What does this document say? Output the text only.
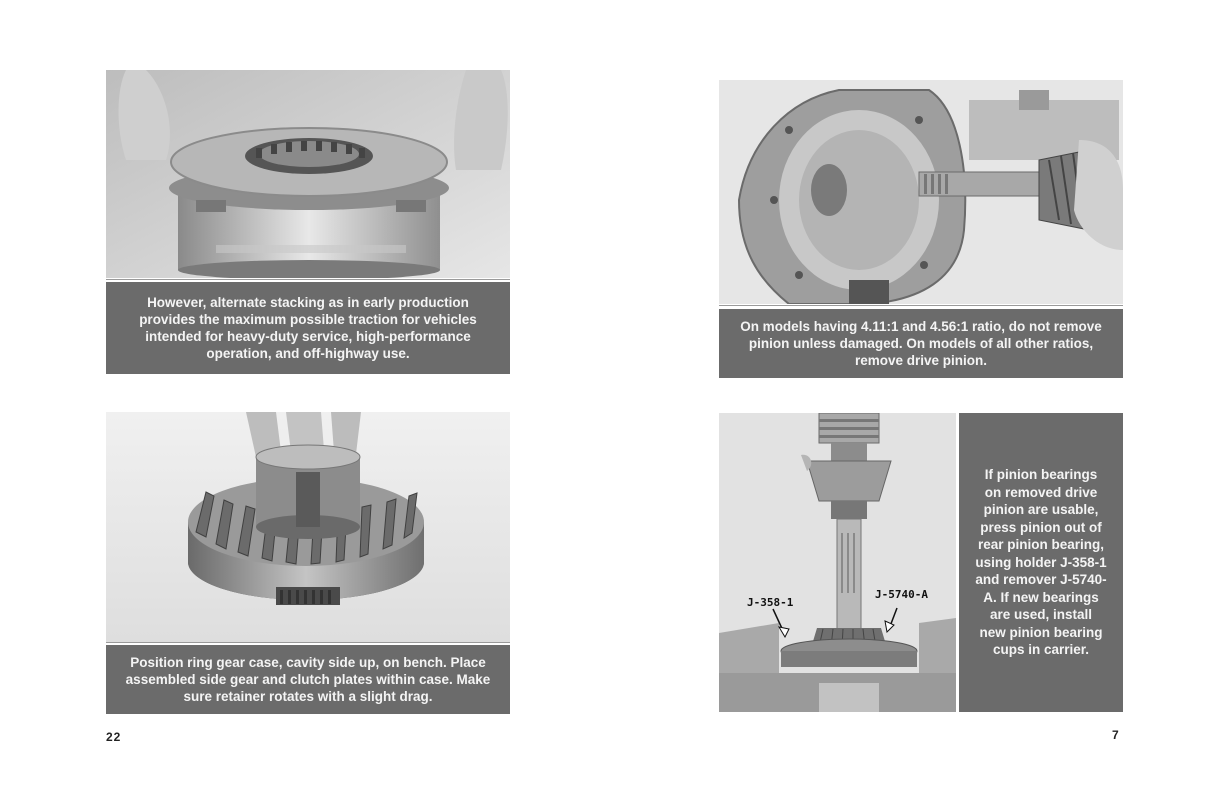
However, alternate stacking as in early production provides the maximum possible traction for vehicles intended for heavy-duty service, high-performance operation, and off-highway use.
Position ring gear case, cavity side up, on bench. Place assembled side gear and clutch plates within case. Make sure retainer rotates with a slight drag.
22
On models having 4.11:1 and 4.56:1 ratio, do not remove pinion unless damaged. On models of all other ratios, remove drive pinion.
J-358-1
J-5740-A
If pinion bearings on removed drive pinion are usable, press pinion out of rear pinion bearing, using holder J-358-1 and remover J-5740-A. If new bearings are used, install new pinion bearing cups in carrier.
7
